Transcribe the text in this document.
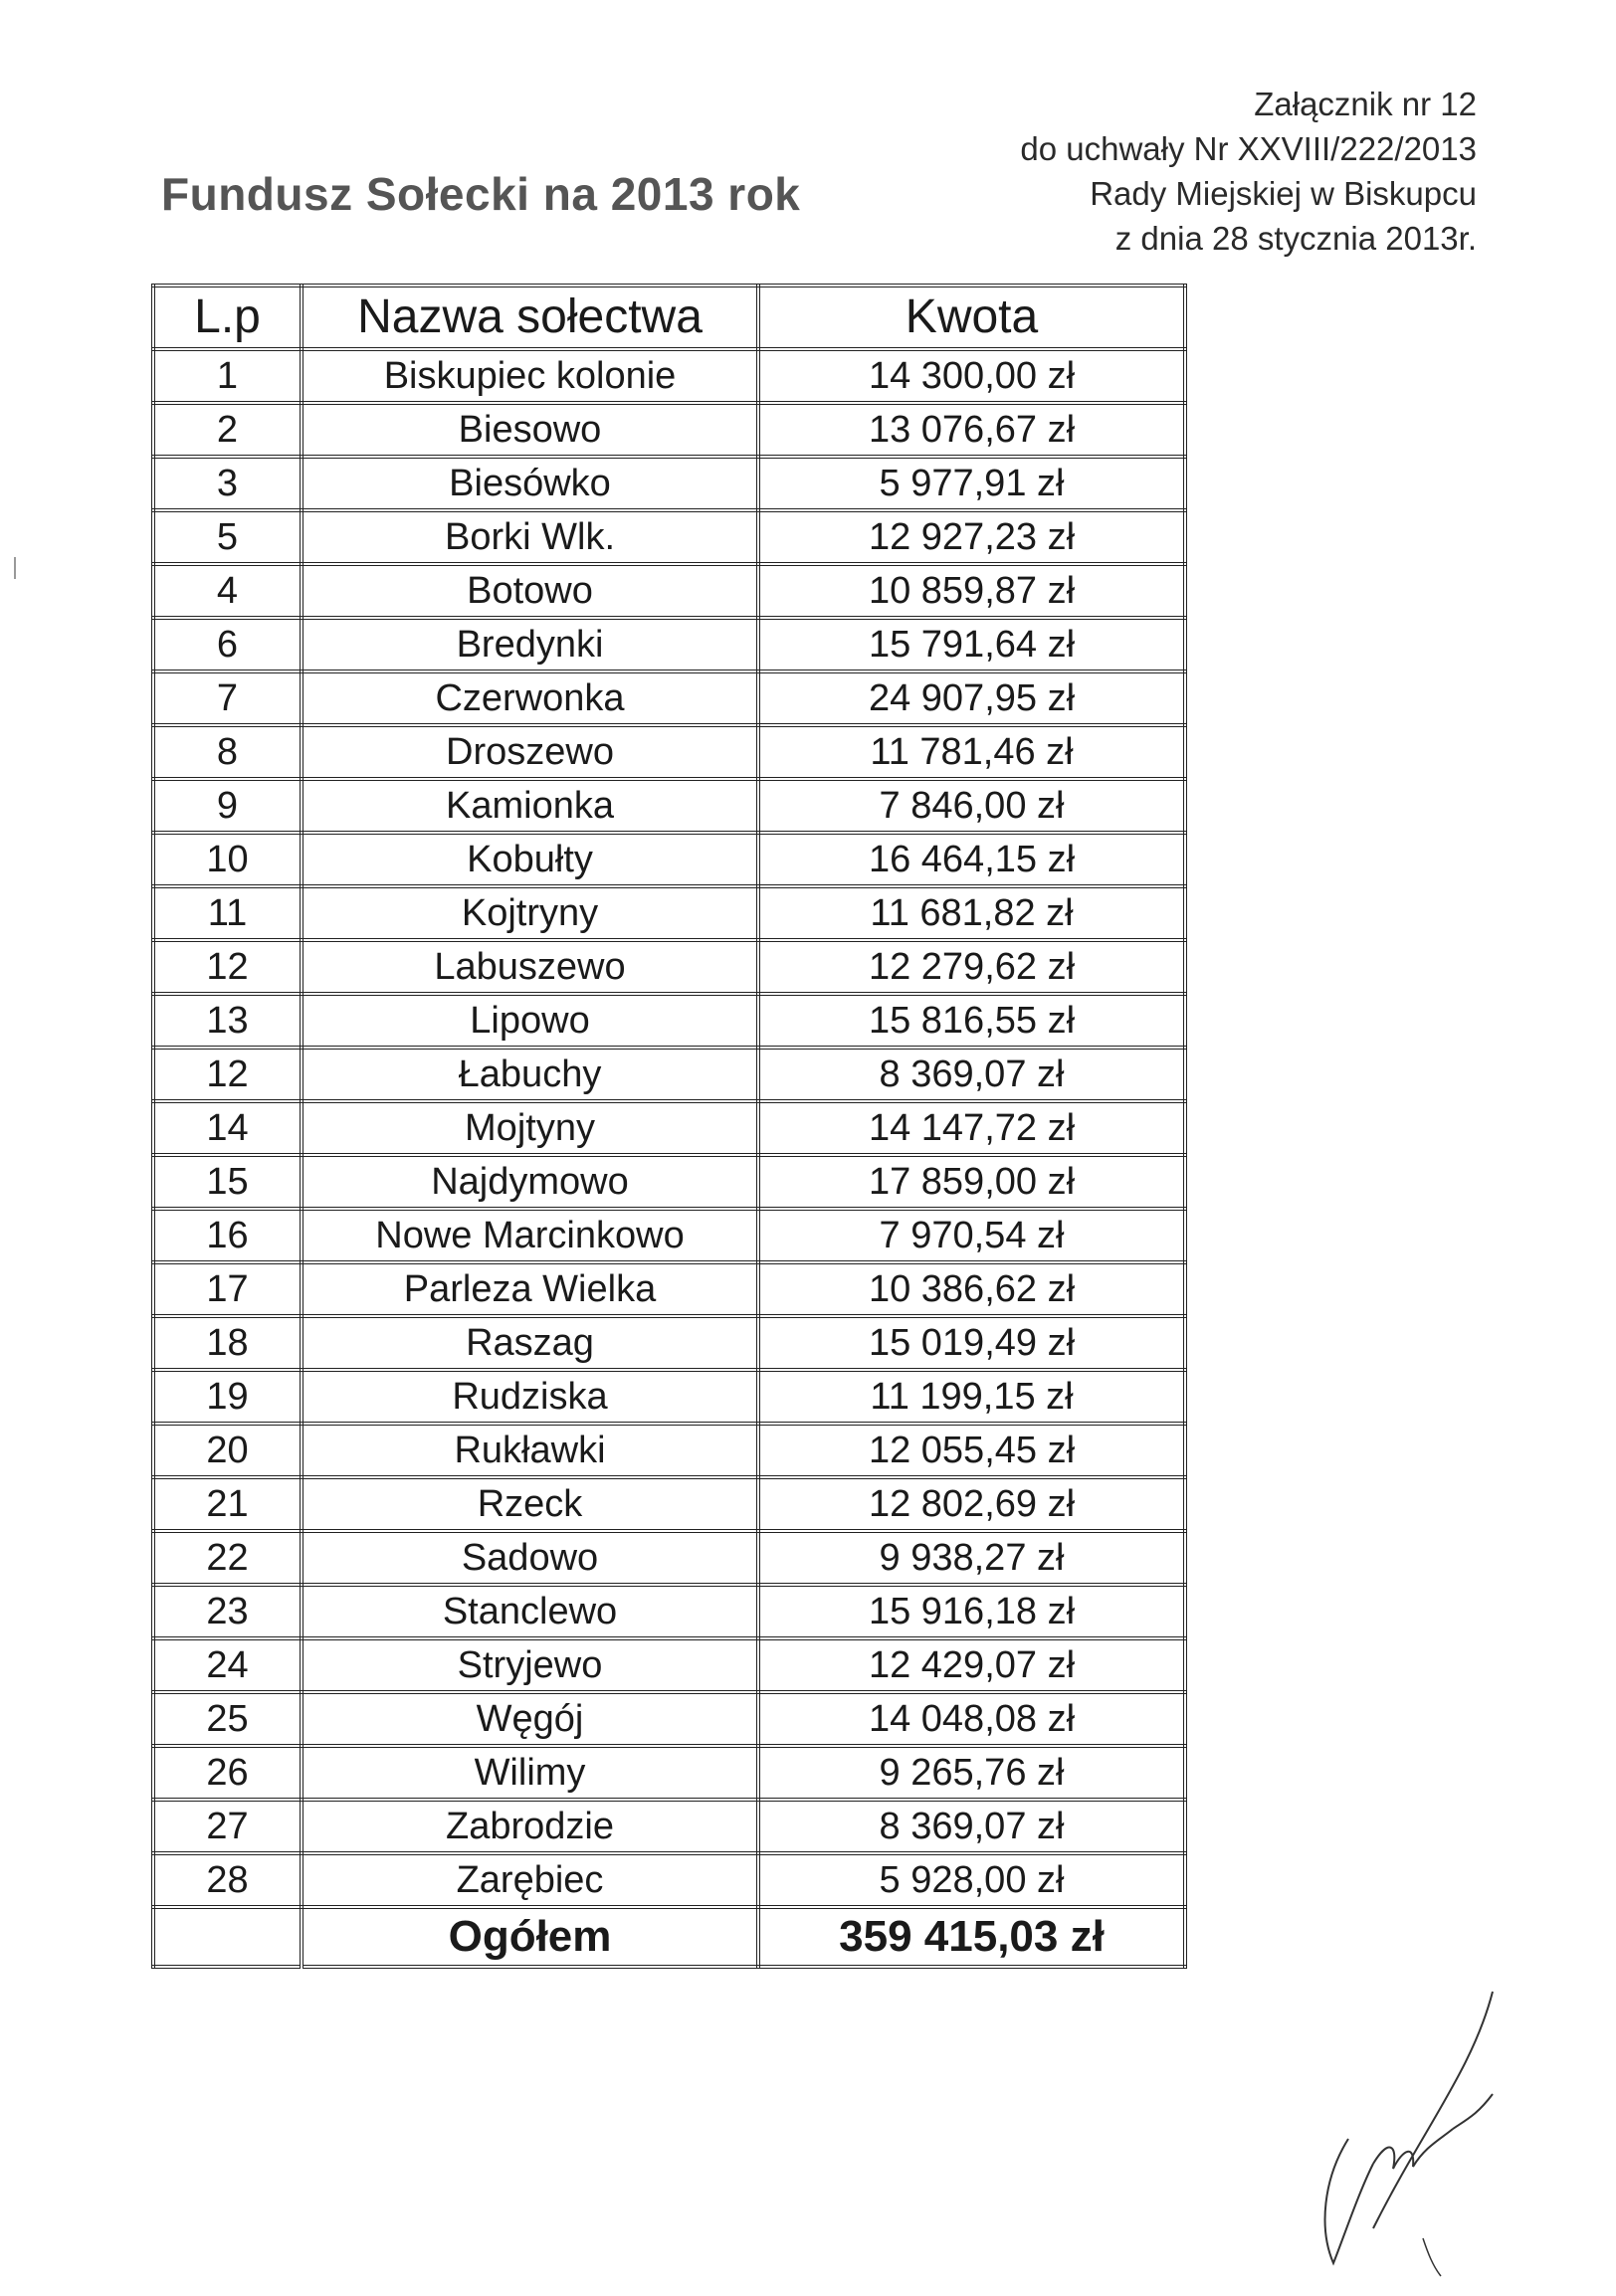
Załącznik nr 12
do uchwały Nr XXVIII/222/2013
Rady Miejskiej w Biskupcu
z dnia 28 stycznia 2013r.
Fundusz Sołecki na 2013 rok
L.p	Nazwa sołectwa	Kwota
1	Biskupiec kolonie	14 300,00 zł
2	Biesowo	13 076,67 zł
3	Biesówko	5 977,91 zł
5	Borki Wlk.	12 927,23 zł
4	Botowo	10 859,87 zł
6	Bredynki	15 791,64 zł
7	Czerwonka	24 907,95 zł
8	Droszewo	11 781,46 zł
9	Kamionka	7 846,00 zł
10	Kobułty	16 464,15 zł
11	Kojtryny	11 681,82 zł
12	Labuszewo	12 279,62 zł
13	Lipowo	15 816,55 zł
12	Łabuchy	8 369,07 zł
14	Mojtyny	14 147,72 zł
15	Najdymowo	17 859,00 zł
16	Nowe Marcinkowo	7 970,54 zł
17	Parleza Wielka	10 386,62 zł
18	Raszag	15 019,49 zł
19	Rudziska	11 199,15 zł
20	Rukławki	12 055,45 zł
21	Rzeck	12 802,69 zł
22	Sadowo	9 938,27 zł
23	Stanclewo	15 916,18 zł
24	Stryjewo	12 429,07 zł
25	Węgój	14 048,08 zł
26	Wilimy	9 265,76 zł
27	Zabrodzie	8 369,07 zł
28	Zarębiec	5 928,00 zł
	Ogółem	359 415,03 zł
